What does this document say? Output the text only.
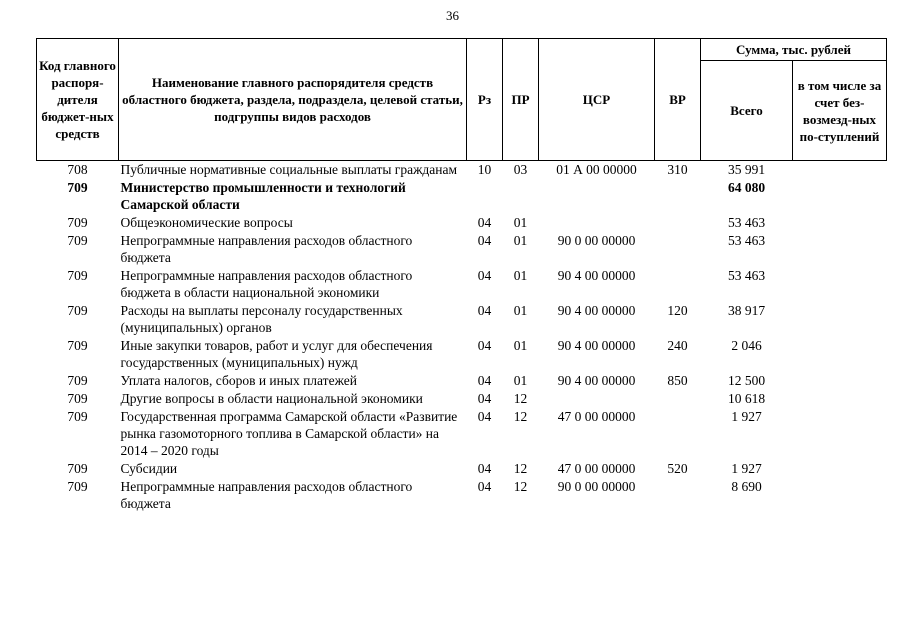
36
Код главного распоря-дителя бюджет-ных средств	Наименование главного распорядителя средств областного бюджета, раздела, подраздела, целевой статьи, подгруппы видов расходов	Рз	ПР	ЦСР	ВР	Сумма, тыс. рублей	
						Всего	в том числе за счет без-возмезд-ных по-ступлений
708	Публичные нормативные социальные выплаты гражданам	10	03	01 А 00 00000	310	35 991	
709	Министерство промышленности и технологий Самарской области					64 080	
709	Общеэкономические вопросы	04	01			53 463	
709	Непрограммные направления расходов областного бюджета	04	01	90 0 00 00000		53 463	
709	Непрограммные направления расходов областного бюджета в области национальной экономики	04	01	90 4 00 00000		53 463	
709	Расходы на выплаты персоналу государственных (муниципальных) органов	04	01	90 4 00 00000	120	38 917	
709	Иные закупки товаров, работ и услуг для обеспечения государственных (муниципальных) нужд	04	01	90 4 00 00000	240	2 046	
709	Уплата налогов, сборов и иных платежей	04	01	90 4 00 00000	850	12 500	
709	Другие вопросы в области национальной экономики	04	12			10 618	
709	Государственная программа Самарской области «Развитие рынка газомоторного топлива в Самарской области» на 2014 – 2020 годы	04	12	47 0 00 00000		1 927	
709	Субсидии	04	12	47 0 00 00000	520	1 927	
709	Непрограммные направления расходов областного бюджета	04	12	90 0 00 00000		8 690	
